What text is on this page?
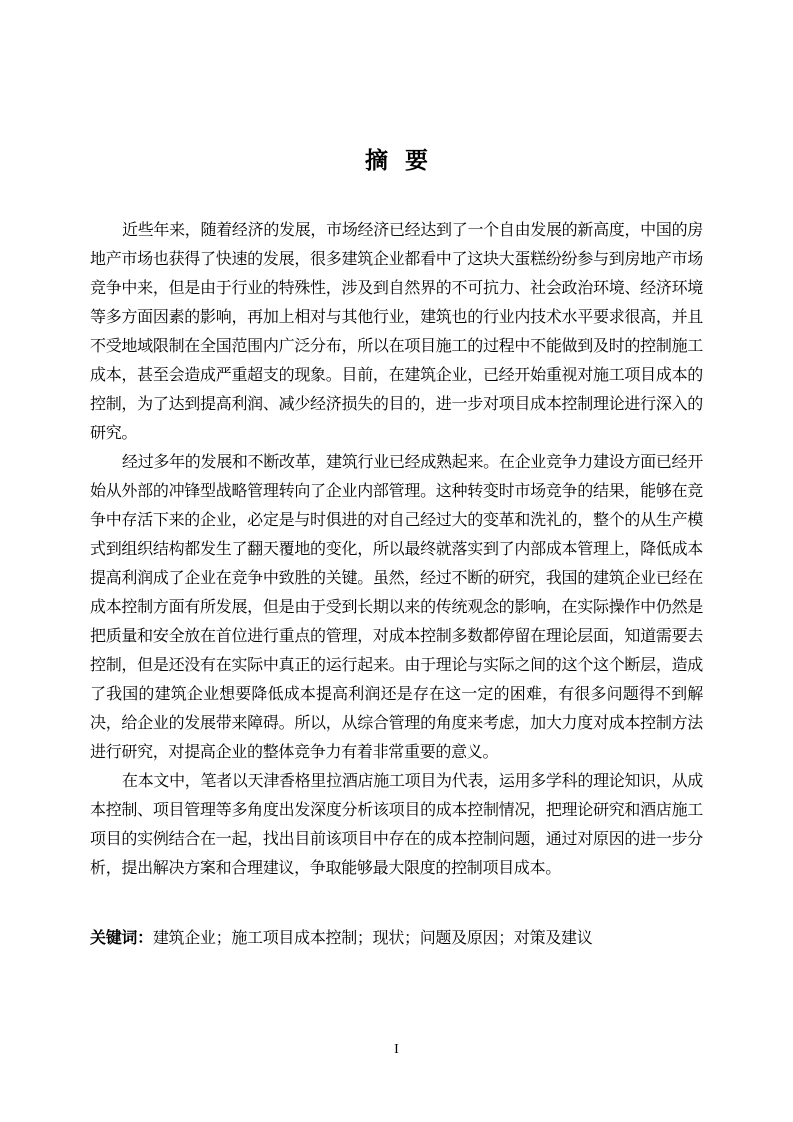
摘 要

近些年来，随着经济的发展，市场经济已经达到了一个自由发展的新高度，中国的房地产市场也获得了快速的发展，很多建筑企业都看中了这块大蛋糕纷纷参与到房地产市场竞争中来，但是由于行业的特殊性，涉及到自然界的不可抗力、社会政治环境、经济环境等多方面因素的影响，再加上相对与其他行业，建筑也的行业内技术水平要求很高，并且不受地域限制在全国范围内广泛分布，所以在项目施工的过程中不能做到及时的控制施工成本，甚至会造成严重超支的现象。目前，在建筑企业，已经开始重视对施工项目成本的控制，为了达到提高利润、减少经济损失的目的，进一步对项目成本控制理论进行深入的研究。

经过多年的发展和不断改革，建筑行业已经成熟起来。在企业竞争力建设方面已经开始从外部的冲锋型战略管理转向了企业内部管理。这种转变时市场竞争的结果，能够在竞争中存活下来的企业，必定是与时俱进的对自己经过大的变革和洗礼的，整个的从生产模式到组织结构都发生了翻天覆地的变化，所以最终就落实到了内部成本管理上，降低成本提高利润成了企业在竞争中致胜的关键。虽然，经过不断的研究，我国的建筑企业已经在成本控制方面有所发展，但是由于受到长期以来的传统观念的影响，在实际操作中仍然是把质量和安全放在首位进行重点的管理，对成本控制多数都停留在理论层面，知道需要去控制，但是还没有在实际中真正的运行起来。由于理论与实际之间的这个这个断层，造成了我国的建筑企业想要降低成本提高利润还是存在这一定的困难，有很多问题得不到解决，给企业的发展带来障碍。所以，从综合管理的角度来考虑，加大力度对成本控制方法进行研究，对提高企业的整体竞争力有着非常重要的意义。

在本文中，笔者以天津香格里拉酒店施工项目为代表，运用多学科的理论知识，从成本控制、项目管理等多角度出发深度分析该项目的成本控制情况，把理论研究和酒店施工项目的实例结合在一起，找出目前该项目中存在的成本控制问题，通过对原因的进一步分析，提出解决方案和合理建议，争取能够最大限度的控制项目成本。

关键词：建筑企业；施工项目成本控制；现状；问题及原因；对策及建议

I
